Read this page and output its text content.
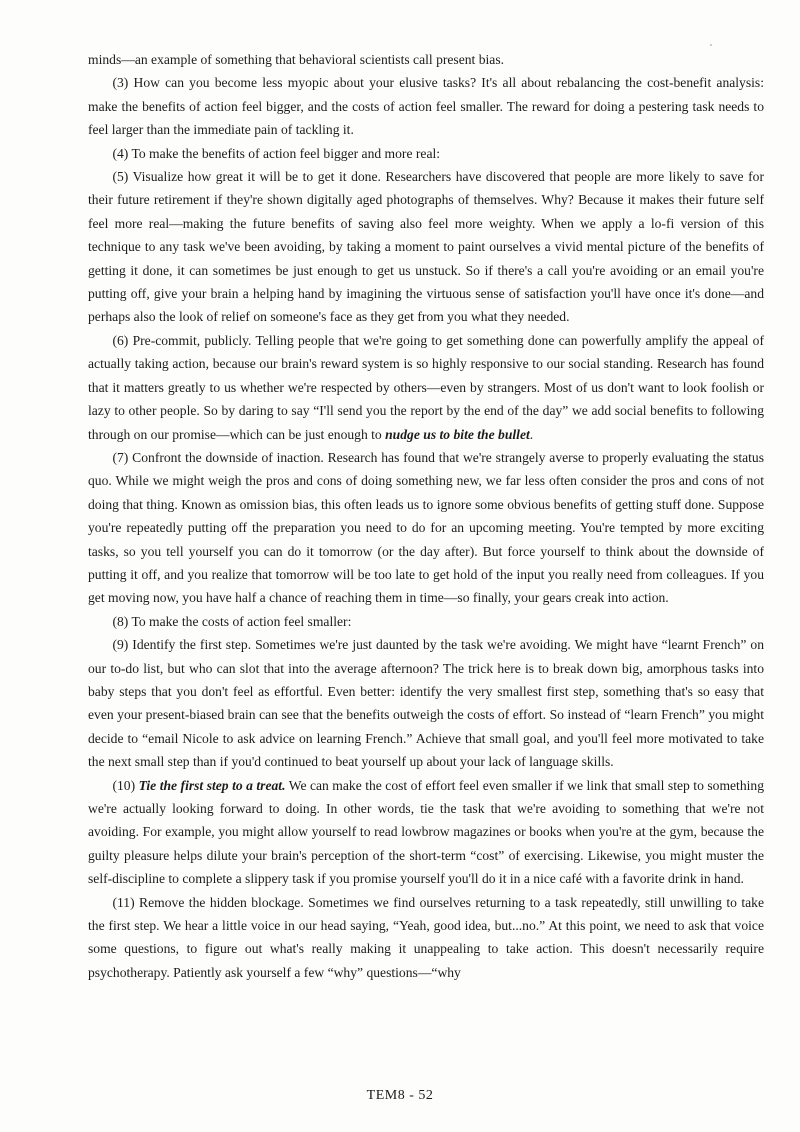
minds—an example of something that behavioral scientists call present bias.

(3) How can you become less myopic about your elusive tasks? It's all about rebalancing the cost-benefit analysis: make the benefits of action feel bigger, and the costs of action feel smaller. The reward for doing a pestering task needs to feel larger than the immediate pain of tackling it.

(4) To make the benefits of action feel bigger and more real:

(5) Visualize how great it will be to get it done. Researchers have discovered that people are more likely to save for their future retirement if they're shown digitally aged photographs of themselves. Why? Because it makes their future self feel more real—making the future benefits of saving also feel more weighty. When we apply a lo-fi version of this technique to any task we've been avoiding, by taking a moment to paint ourselves a vivid mental picture of the benefits of getting it done, it can sometimes be just enough to get us unstuck. So if there's a call you're avoiding or an email you're putting off, give your brain a helping hand by imagining the virtuous sense of satisfaction you'll have once it's done—and perhaps also the look of relief on someone's face as they get from you what they needed.

(6) Pre-commit, publicly. Telling people that we're going to get something done can powerfully amplify the appeal of actually taking action, because our brain's reward system is so highly responsive to our social standing. Research has found that it matters greatly to us whether we're respected by others—even by strangers. Most of us don't want to look foolish or lazy to other people. So by daring to say “I'll send you the report by the end of the day” we add social benefits to following through on our promise—which can be just enough to nudge us to bite the bullet.

(7) Confront the downside of inaction. Research has found that we're strangely averse to properly evaluating the status quo. While we might weigh the pros and cons of doing something new, we far less often consider the pros and cons of not doing that thing. Known as omission bias, this often leads us to ignore some obvious benefits of getting stuff done. Suppose you're repeatedly putting off the preparation you need to do for an upcoming meeting. You're tempted by more exciting tasks, so you tell yourself you can do it tomorrow (or the day after). But force yourself to think about the downside of putting it off, and you realize that tomorrow will be too late to get hold of the input you really need from colleagues. If you get moving now, you have half a chance of reaching them in time—so finally, your gears creak into action.

(8) To make the costs of action feel smaller:

(9) Identify the first step. Sometimes we're just daunted by the task we're avoiding. We might have “learnt French” on our to-do list, but who can slot that into the average afternoon? The trick here is to break down big, amorphous tasks into baby steps that you don't feel as effortful. Even better: identify the very smallest first step, something that's so easy that even your present-biased brain can see that the benefits outweigh the costs of effort. So instead of “learn French” you might decide to “email Nicole to ask advice on learning French.” Achieve that small goal, and you'll feel more motivated to take the next small step than if you'd continued to beat yourself up about your lack of language skills.

(10) Tie the first step to a treat. We can make the cost of effort feel even smaller if we link that small step to something we're actually looking forward to doing. In other words, tie the task that we're avoiding to something that we're not avoiding. For example, you might allow yourself to read lowbrow magazines or books when you're at the gym, because the guilty pleasure helps dilute your brain's perception of the short-term “cost” of exercising. Likewise, you might muster the self-discipline to complete a slippery task if you promise yourself you'll do it in a nice café with a favorite drink in hand.

(11) Remove the hidden blockage. Sometimes we find ourselves returning to a task repeatedly, still unwilling to take the first step. We hear a little voice in our head saying, “Yeah, good idea, but...no.” At this point, we need to ask that voice some questions, to figure out what's really making it unappealing to take action. This doesn't necessarily require psychotherapy. Patiently ask yourself a few “why” questions—“why

TEM8 - 52
